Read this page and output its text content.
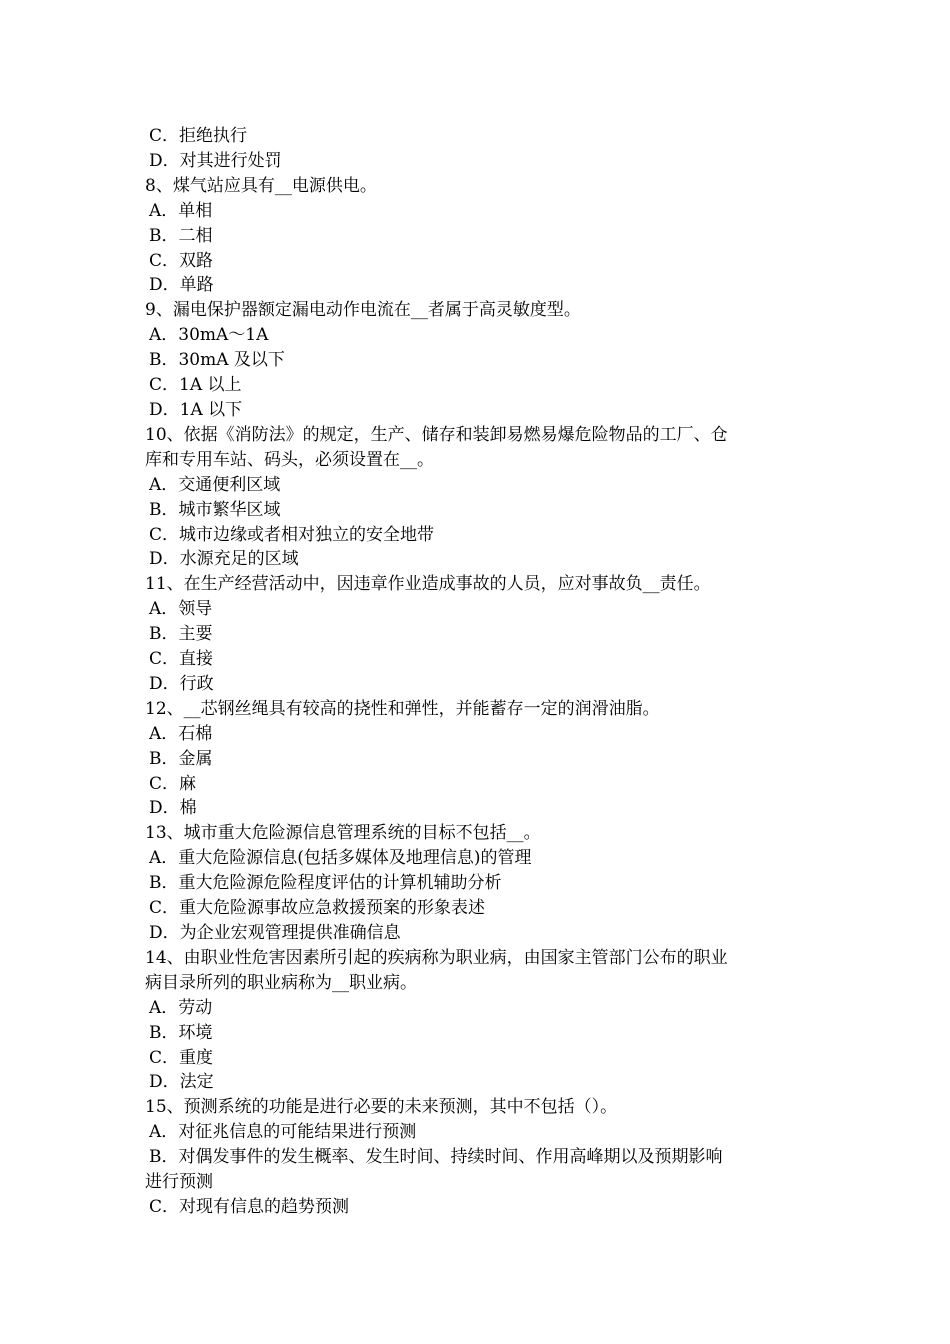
C．拒绝执行
D．对其进行处罚
8、煤气站应具有__电源供电。
A．单相
B．二相
C．双路
D．单路
9、漏电保护器额定漏电动作电流在__者属于高灵敏度型。
A．30mA～1A
B．30mA 及以下
C．1A 以上
D．1A 以下
10、依据《消防法》的规定，生产、储存和装卸易燃易爆危险物品的工厂、仓
库和专用车站、码头，必须设置在__。
A．交通便利区域
B．城市繁华区域
C．城市边缘或者相对独立的安全地带
D．水源充足的区域
11、在生产经营活动中，因违章作业造成事故的人员，应对事故负__责任。
A．领导
B．主要
C．直接
D．行政
12、__芯钢丝绳具有较高的挠性和弹性，并能蓄存一定的润滑油脂。
A．石棉
B．金属
C．麻
D．棉
13、城市重大危险源信息管理系统的目标不包括__。
A．重大危险源信息(包括多媒体及地理信息)的管理
B．重大危险源危险程度评估的计算机辅助分析
C．重大危险源事故应急救援预案的形象表述
D．为企业宏观管理提供准确信息
14、由职业性危害因素所引起的疾病称为职业病，由国家主管部门公布的职业
病目录所列的职业病称为__职业病。
A．劳动
B．环境
C．重度
D．法定
15、预测系统的功能是进行必要的未来预测，其中不包括（）。
A．对征兆信息的可能结果进行预测
B．对偶发事件的发生概率、发生时间、持续时间、作用高峰期以及预期影响
进行预测
C．对现有信息的趋势预测
